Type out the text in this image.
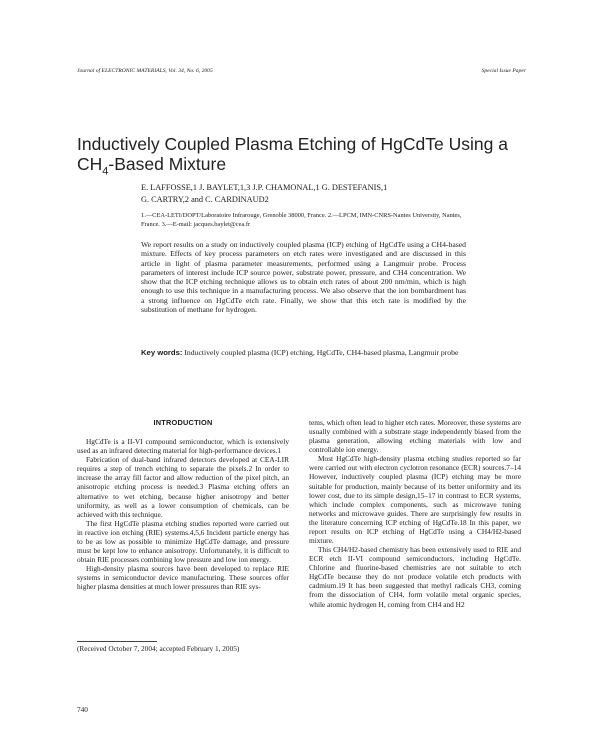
Journal of ELECTRONIC MATERIALS, Vol. 34, No. 6, 2005	Special Issue Paper
Inductively Coupled Plasma Etching of HgCdTe Using a
$CH_4$-Based Mixture
E. LAFFOSSE,1 J. BAYLET,1,3 J.P. CHAMONAL,1 G. DESTEFANIS,1
G. CARTRY,2 and C. CARDINAUD2
1.—CEA-LETI/DOPT/Laboratoire Infrarouge, Grenoble 38000, France. 2.—LPCM, IMN-CNRS-Nantes University, Nantes, France. 3.—E-mail: jacques.baylet@cea.fr
We report results on a study on inductively coupled plasma (ICP) etching of HgCdTe using a CH4-based mixture. Effects of key process parameters on etch rates were investigated and are discussed in this article in light of plasma parameter measurements, performed using a Langmuir probe. Process parameters of interest include ICP source power, substrate power, pressure, and CH4 concentration. We show that the ICP etching technique allows us to obtain etch rates of about 200 nm/min, which is high enough to use this technique in a manufacturing process. We also observe that the ion bombardment has a strong influence on HgCdTe etch rate. Finally, we show that this etch rate is modified by the substitution of methane for hydrogen.
Key words: Inductively coupled plasma (ICP) etching, HgCdTe, CH4-based plasma, Langmuir probe
INTRODUCTION

HgCdTe is a II-VI compound semiconductor, which is extensively used as an infrared detecting material for high-performance devices.1

Fabrication of dual-band infrared detectors developed at CEA-LIR requires a step of trench etching to separate the pixels.2 In order to increase the array fill factor and allow reduction of the pixel pitch, an anisotropic etching process is needed.3 Plasma etching offers an alternative to wet etching, because higher anisotropy and better uniformity, as well as a lower consumption of chemicals, can be achieved with this technique.

The first HgCdTe plasma etching studies reported were carried out in reactive ion etching (RIE) systems.4,5,6 Incident particle energy has to be as low as possible to minimize HgCdTe damage, and pressure must be kept low to enhance anisotropy. Unfortunately, it is difficult to obtain RIE processes combining low pressure and low ion energy.

High-density plasma sources have been developed to replace RIE systems in semiconductor device manufacturing. These sources offer higher plasma densities at much lower pressures than RIE sys-

tems, which often lead to higher etch rates. Moreover, these systems are usually combined with a substrate stage independently biased from the plasma generation, allowing etching materials with low and controllable ion energy.

Most HgCdTe high-density plasma etching studies reported so far were carried out with electron cyclotron resonance (ECR) sources.7–14 However, inductively coupled plasma (ICP) etching may be more suitable for production, mainly because of its better uniformity and its lower cost, due to its simple design,15–17 in contrast to ECR systems, which include complex components, such as microwave tuning networks and microwave guides. There are surprisingly few results in the literature concerning ICP etching of HgCdTe.18 In this paper, we report results on ICP etching of HgCdTe using a CH4/H2-based mixture.

This CH4/H2-based chemistry has been extensively used to RIE and ECR etch II-VI compound semiconductors, including HgCdTe. Chlorine and fluorine-based chemistries are not suitable to etch HgCdTe because they do not produce volatile etch products with cadmium.19 It has been suggested that methyl radicals CH3, coming from the dissociation of CH4, form volatile metal organic species, while atomic hydrogen H, coming from CH4 and H2

(Received October 7, 2004; accepted February 1, 2005)
740
